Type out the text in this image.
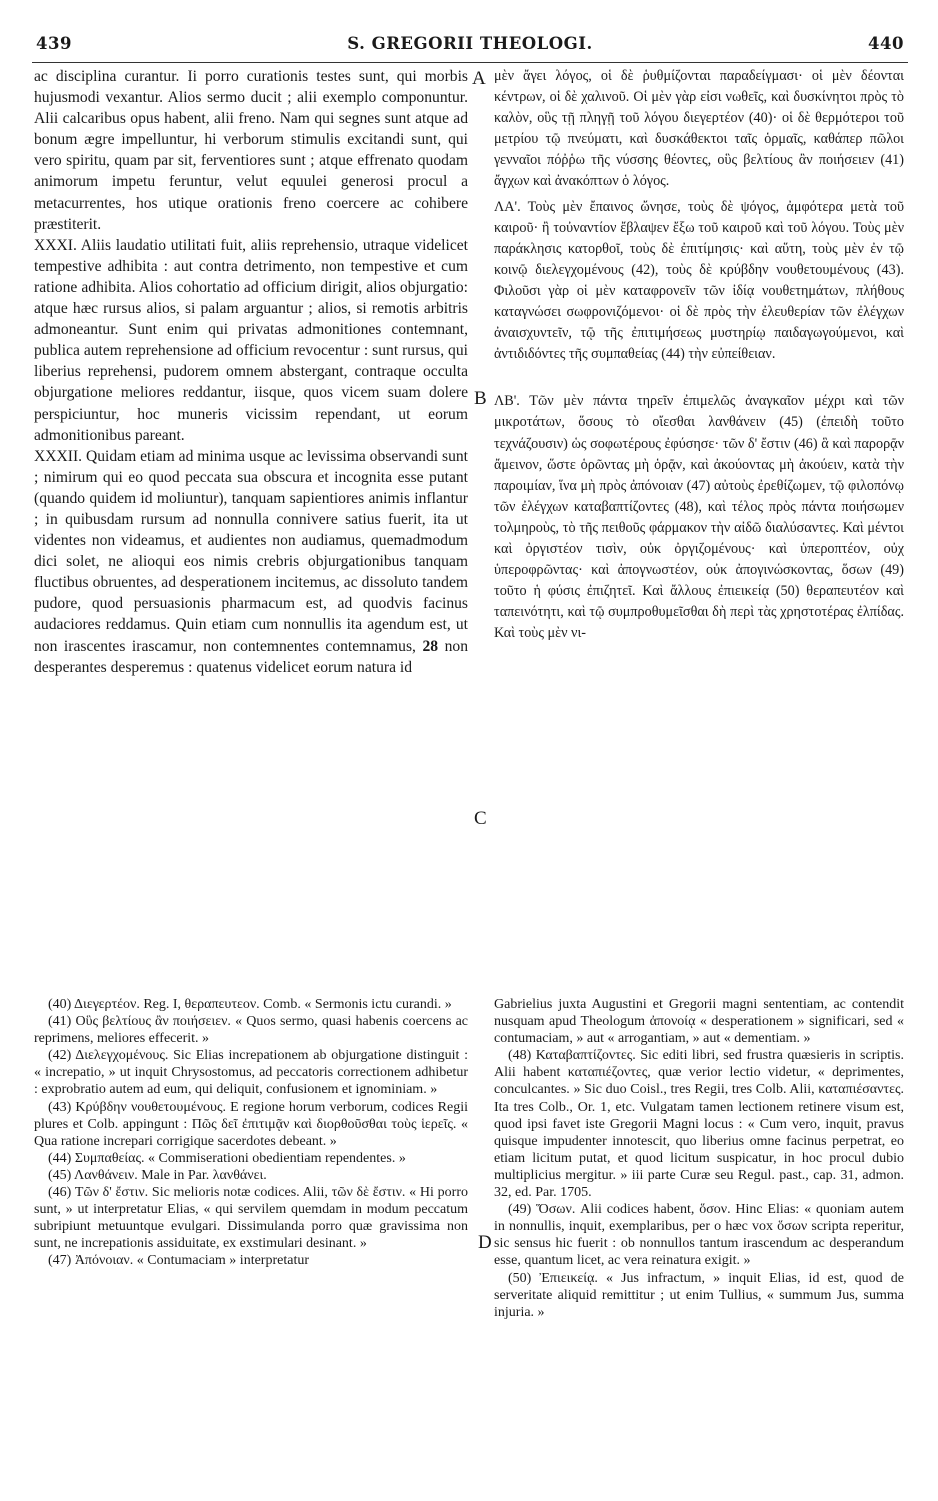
439	S. GREGORII THEOLOGI.	440
A
B
C
D

ac disciplina curantur. Ii porro curationis testes sunt, qui morbis hujusmodi vexantur. Alios sermo ducit ; alii exemplo componuntur. Alii calcaribus opus habent, alii freno. Nam qui segnes sunt atque ad bonum ægre impelluntur, hi verborum stimulis excitandi sunt, qui vero spiritu, quam par sit, ferventiores sunt ; atque effrenato quodam animorum impetu feruntur, velut equulei generosi procul a metacurrentes, hos utique orationis freno coercere ac cohibere præstiterit.

XXXI. Aliis laudatio utilitati fuit, aliis reprehensio, utraque videlicet tempestive adhibita : aut contra detrimento, non tempestive et cum ratione adhibita. Alios cohortatio ad officium dirigit, alios objurgatio: atque hæc rursus alios, si palam arguantur ; alios, si remotis arbitris admoneantur. Sunt enim qui privatas admonitiones contemnant, publica autem reprehensione ad officium revocentur : sunt rursus, qui liberius reprehensi, pudorem omnem abstergant, contraque occulta objurgatione meliores reddantur, iisque, quos vicem suam dolere perspiciuntur, hoc muneris vicissim rependant, ut eorum admonitionibus pareant.

XXXII. Quidam etiam ad minima usque ac levissima observandi sunt ; nimirum qui eo quod peccata sua obscura et incognita esse putant (quando quidem id moliuntur), tanquam sapientiores animis inflantur ; in quibusdam rursum ad nonnulla connivere satius fuerit, ita ut videntes non videamus, et audientes non audiamus, quemadmodum dici solet, ne alioqui eos nimis crebris objurgationibus tanquam fluctibus obruentes, ad desperationem incitemus, ac dissoluto tandem pudore, quod persuasionis pharmacum est, ad quodvis facinus audaciores reddamus. Quin etiam cum nonnullis ita agendum est, ut non irascentes irascamur, non contemnentes contemnamus, 28 non desperantes desperemus : quatenus videlicet eorum natura id

μὲν ἄγει λόγος, οἱ δὲ ῥυθμίζονται παραδείγμασι· οἱ μὲν δέονται κέντρων, οἱ δὲ χαλινοῦ. Οἱ μὲν γὰρ εἰσι νωθεῖς, καὶ δυσκίνητοι πρὸς τὸ καλὸν, οὓς τῇ πληγῇ τοῦ λόγου διεγερτέον (40)· οἱ δὲ θερμότεροι τοῦ μετρίου τῷ πνεύματι, καὶ δυσκάθεκτοι ταῖς ὁρμαῖς, καθάπερ πῶλοι γενναῖοι πόῤῥω τῆς νύσσης θέοντες, οὓς βελτίους ἂν ποιήσειεν (41) ἄγχων καὶ ἀνακόπτων ὁ λόγος.

ΛΑ'. Τοὺς μὲν ἔπαινος ὤνησε, τοὺς δὲ ψόγος, ἀμφότερα μετὰ τοῦ καιροῦ· ἢ τοὐναντίον ἔβλαψεν ἔξω τοῦ καιροῦ καὶ τοῦ λόγου. Τοὺς μὲν παράκλησις κατορθοῖ, τοὺς δὲ ἐπιτίμησις· καὶ αὕτη, τοὺς μὲν ἐν τῷ κοινῷ διελεγχομένους (42), τοὺς δὲ κρύβδην νουθετουμένους (43). Φιλοῦσι γὰρ οἱ μὲν καταφρονεῖν τῶν ἰδίᾳ νουθετημάτων, πλήθους καταγνώσει σωφρονιζόμενοι· οἱ δὲ πρὸς τὴν ἐλευθερίαν τῶν ἐλέγχων ἀναισχυντεῖν, τῷ τῆς ἐπιτιμήσεως μυστηρίῳ παιδαγωγούμενοι, καὶ ἀντιδιδόντες τῆς συμπαθείας (44) τὴν εὐπείθειαν.

ΛΒ'. Τῶν μὲν πάντα τηρεῖν ἐπιμελῶς ἀναγκαῖον μέχρι καὶ τῶν μικροτάτων, ὅσους τὸ οἴεσθαι λανθάνειν (45) (ἐπειδὴ τοῦτο τεχνάζουσιν) ὡς σοφωτέρους ἐφύσησε· τῶν δ' ἔστιν (46) ἃ καὶ παρορᾷν ἄμεινον, ὥστε ὁρῶντας μὴ ὁρᾷν, καὶ ἀκούοντας μὴ ἀκούειν, κατὰ τὴν παροιμίαν, ἵνα μὴ πρὸς ἀπόνοιαν (47) αὐτοὺς ἐρεθίζωμεν, τῷ φιλοπόνῳ τῶν ἐλέγχων καταβαπτίζοντες (48), καὶ τέλος πρὸς πάντα ποιήσωμεν τολμηροὺς, τὸ τῆς πειθοῦς φάρμακον τὴν αἰδῶ διαλύσαντες. Καὶ μέντοι καὶ ὀργιστέον τισὶν, οὐκ ὀργιζομένους· καὶ ὑπεροπτέον, οὐχ ὑπεροφρῶντας· καὶ ἀπογνωστέον, οὐκ ἀπογινώσκοντας, ὅσων (49) τοῦτο ἡ φύσις ἐπιζητεῖ. Καὶ ἄλλους ἐπιεικείᾳ (50) θεραπευτέον καὶ ταπεινότητι, καὶ τῷ συμπροθυμεῖσθαι δὴ περὶ τὰς χρηστοτέρας ἐλπίδας. Καὶ τοὺς μὲν νι-

(40) Διεγερτέον. Reg. I, θεραπευτεον. Comb. « Sermonis ictu curandi. »

(41) Οὓς βελτίους ἂν ποιήσειεν. « Quos sermo, quasi habenis coercens ac reprimens, meliores effecerit. »

(42) Διελεγχομένους. Sic Elias increpationem ab objurgatione distinguit : « increpatio, » ut inquit Chrysostomus, ad peccatoris correctionem adhibetur : exprobratio autem ad eum, qui deliquit, confusionem et ignominiam. »

(43) Κρύβδην νουθετουμένους. E regione horum verborum, codices Regii plures et Colb. appingunt : Πῶς δεῖ ἐπιτιμᾷν καὶ διορθοῦσθαι τοὺς ἱερεῖς. « Qua ratione increpari corrigique sacerdotes debeant. »

(44) Συμπαθείας. « Commiserationi obedientiam rependentes. »

(45) Λανθάνειν. Male in Par. λανθάνει.

(46) Τῶν δ' ἔστιν. Sic melioris notæ codices. Alii, τῶν δὲ ἔστιν. « Hi porro sunt, » ut interpretatur Elias, « qui servilem quemdam in modum peccatum subripiunt metuuntque evulgari. Dissimulanda porro quæ gravissima non sunt, ne increpationis assiduitate, ex exstimulari desinant. »

(47) Ἀπόνοιαν. « Contumaciam » interpretatur

Gabrielius juxta Augustini et Gregorii magni sententiam, ac contendit nusquam apud Theologum ἀπονοίᾳ « desperationem » significari, sed « contumaciam, » aut « arrogantiam, » aut « dementiam. »

(48) Καταβαπτίζοντες. Sic editi libri, sed frustra quæsieris in scriptis. Alii habent καταπιέζοντες, quæ verior lectio videtur, « deprimentes, conculcantes. » Sic duo Coisl., tres Regii, tres Colb. Alii, καταπιέσαντες. Ita tres Colb., Or. 1, etc. Vulgatam tamen lectionem retinere visum est, quod ipsi favet iste Gregorii Magni locus : « Cum vero, inquit, pravus quisque impudenter innotescit, quo liberius omne facinus perpetrat, eo etiam licitum putat, et quod licitum suspicatur, in hoc procul dubio multiplicius mergitur. » iii parte Curæ seu Regul. past., cap. 31, admon. 32, ed. Par. 1705.

(49) Ὅσων. Alii codices habent, ὅσον. Hinc Elias: « quoniam autem in nonnullis, inquit, exemplaribus, per o hæc vox ὅσων scripta reperitur, sic sensus hic fuerit : ob nonnullos tantum irascendum ac desperandum esse, quantum licet, ac vera reinatura exigit. »

(50) Ἐπιεικείᾳ. « Jus infractum, » inquit Elias, id est, quod de serveritate aliquid remittitur ; ut enim Tullius, « summum Jus, summa injuria. »
